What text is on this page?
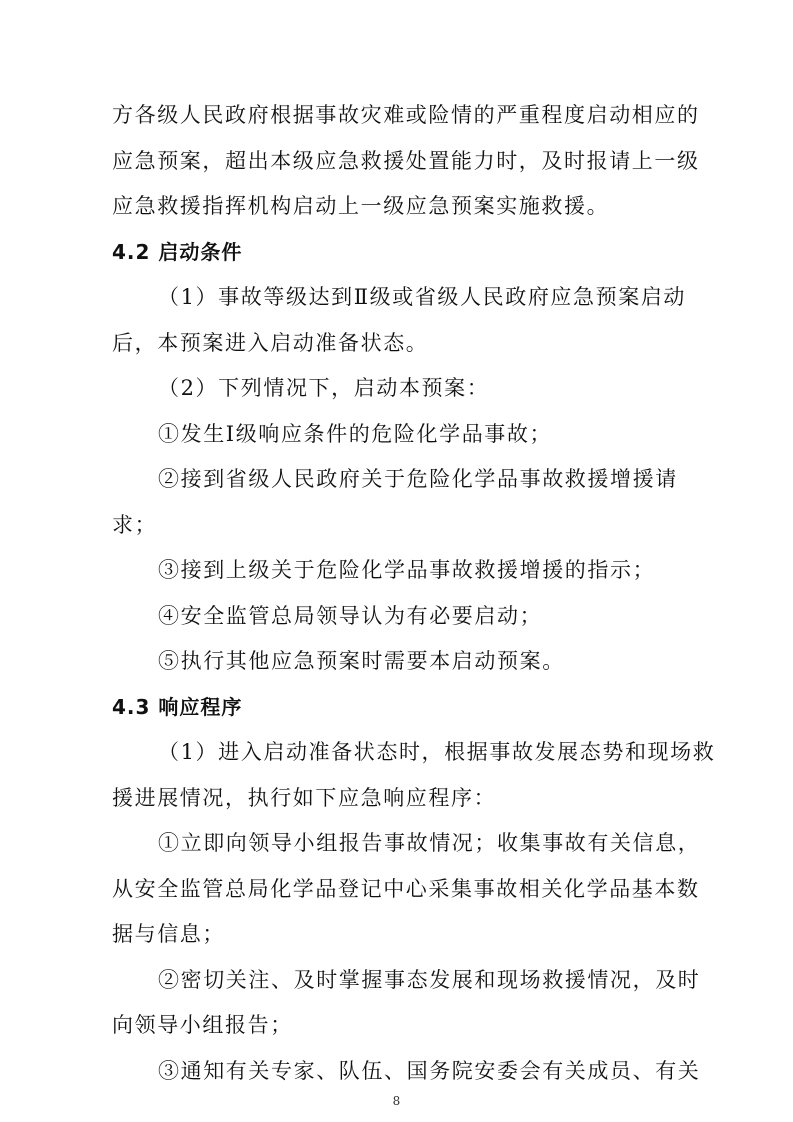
方各级人民政府根据事故灾难或险情的严重程度启动相应的
应急预案，超出本级应急救援处置能力时，及时报请上一级
应急救援指挥机构启动上一级应急预案实施救援。
4.2 启动条件
（1）事故等级达到Ⅱ级或省级人民政府应急预案启动
后，本预案进入启动准备状态。
（2）下列情况下，启动本预案：
①发生Ⅰ级响应条件的危险化学品事故；
②接到省级人民政府关于危险化学品事故救援增援请
求；
③接到上级关于危险化学品事故救援增援的指示；
④安全监管总局领导认为有必要启动；
⑤执行其他应急预案时需要本启动预案。
4.3 响应程序
（1）进入启动准备状态时，根据事故发展态势和现场救
援进展情况，执行如下应急响应程序：
①立即向领导小组报告事故情况；收集事故有关信息，
从安全监管总局化学品登记中心采集事故相关化学品基本数
据与信息；
②密切关注、及时掌握事态发展和现场救援情况，及时
向领导小组报告；
③通知有关专家、队伍、国务院安委会有关成员、有关
8
